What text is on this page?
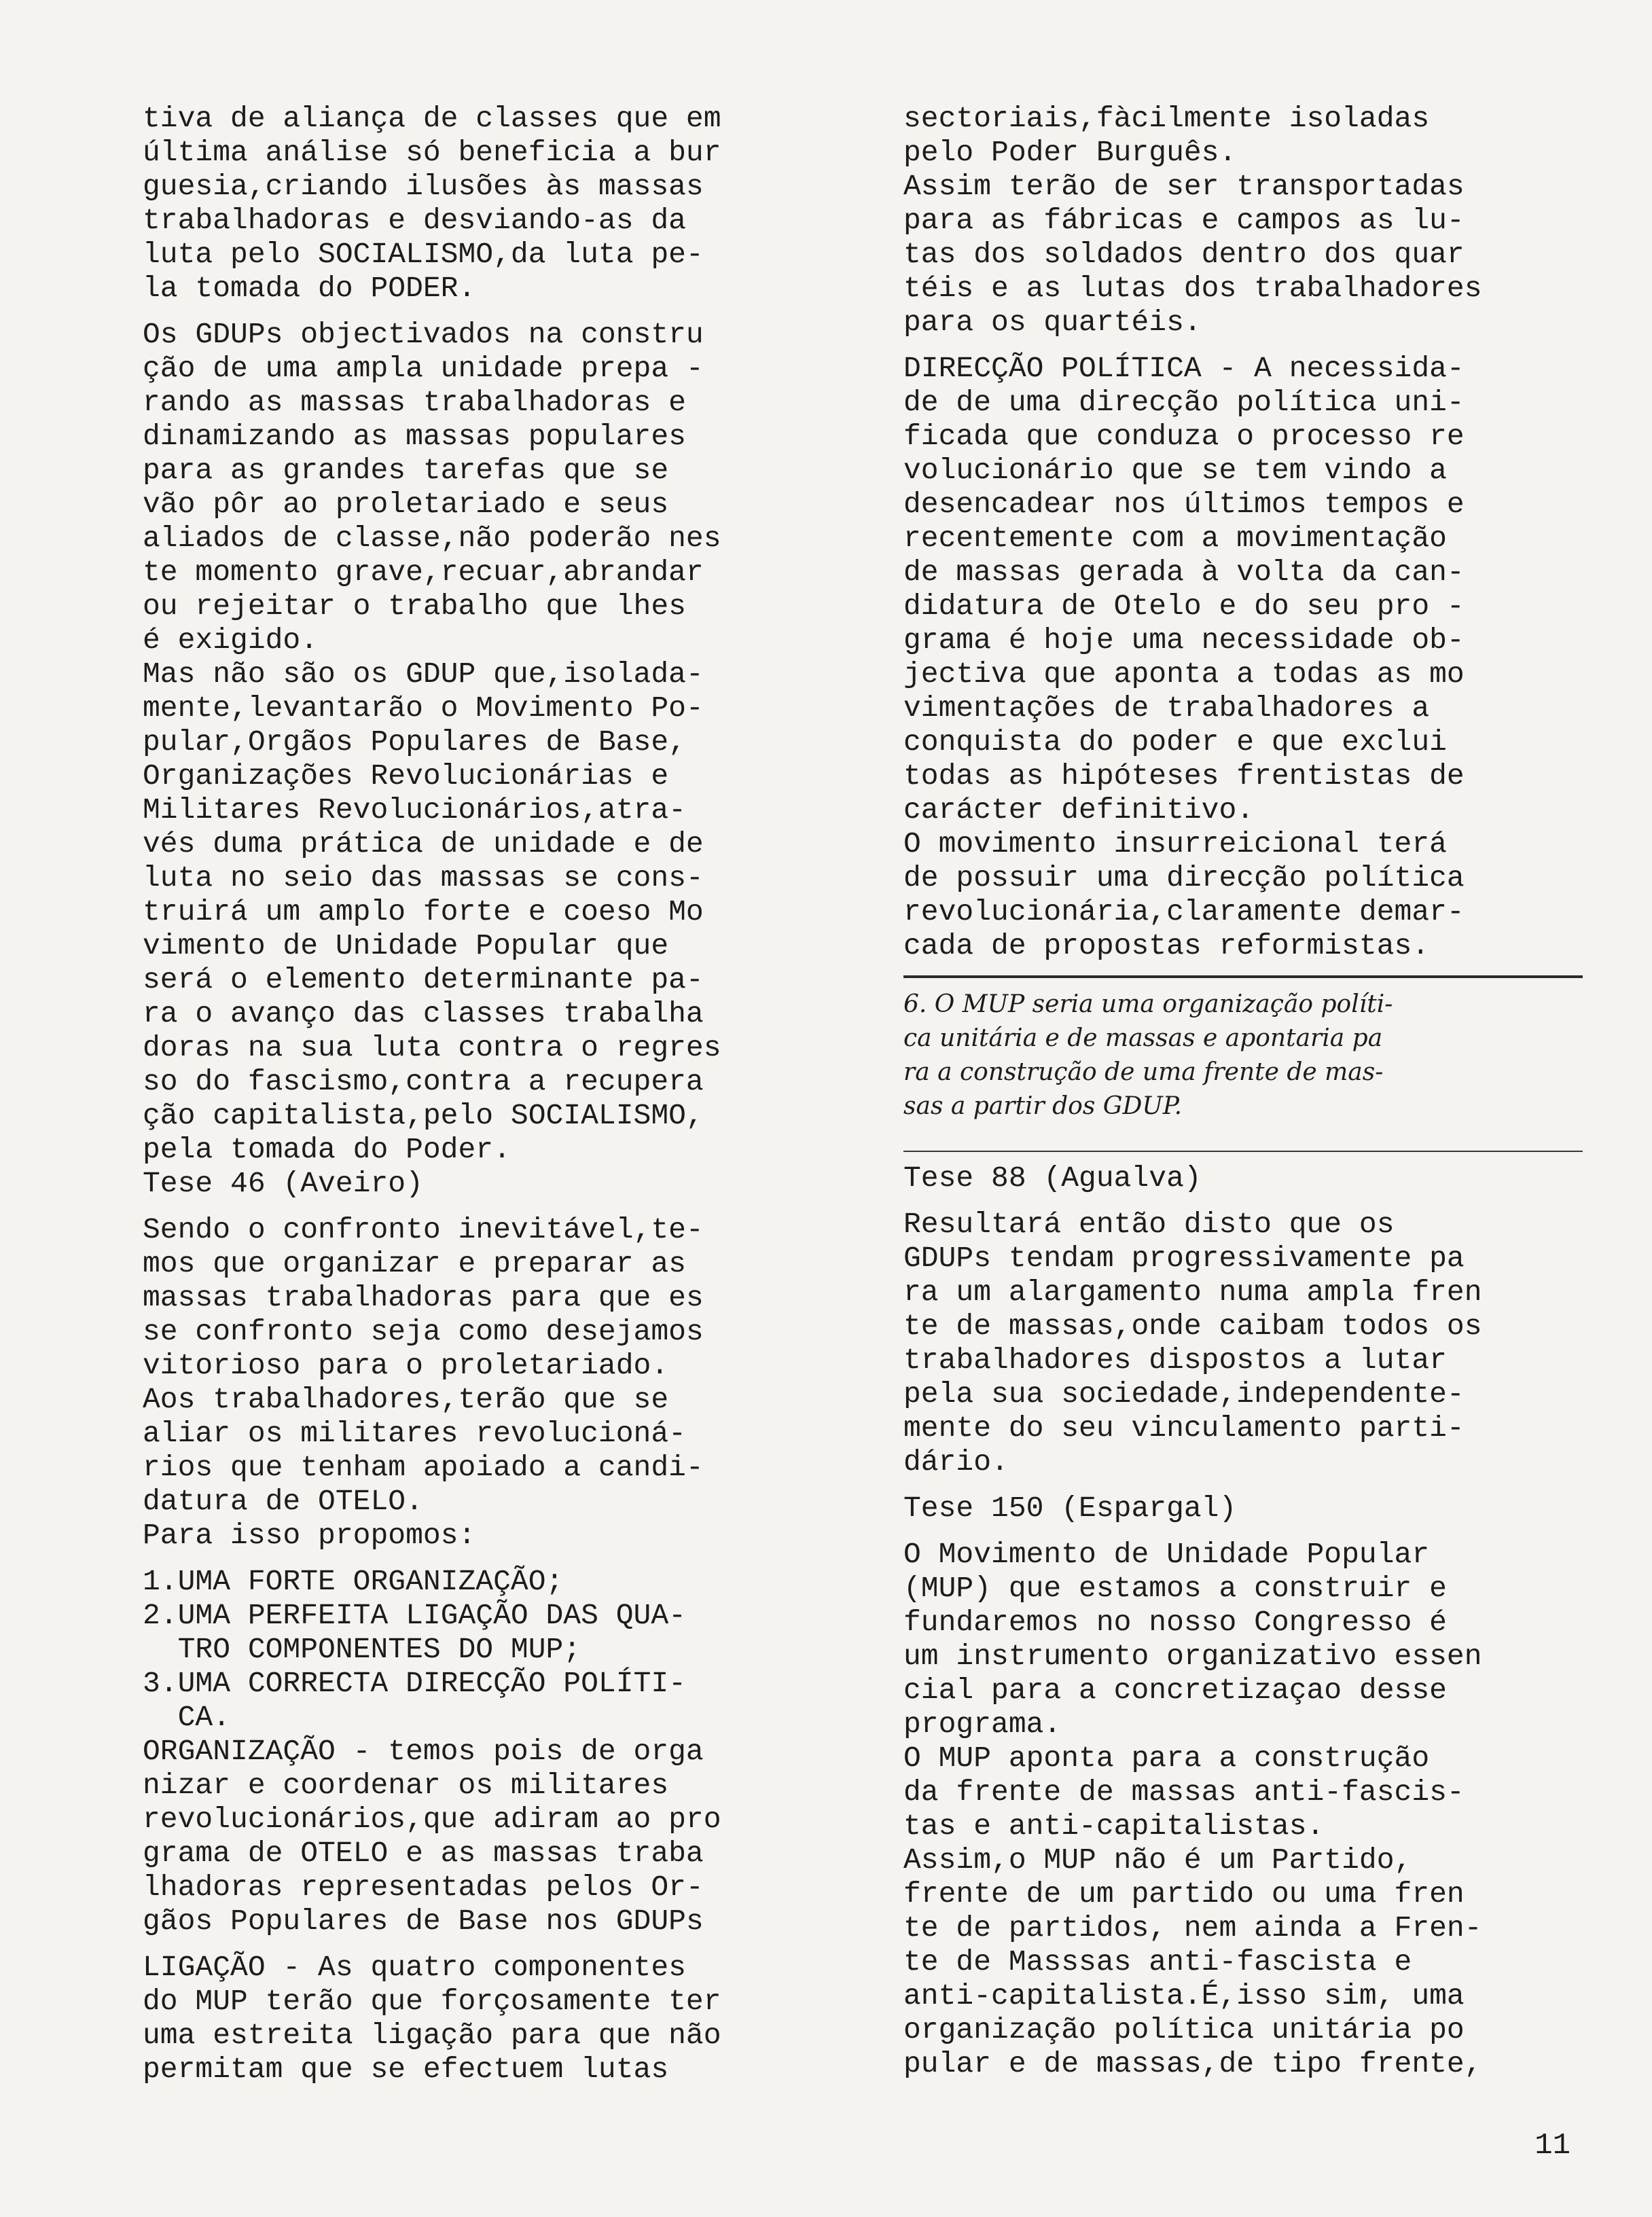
tiva de aliança de classes que em

última análise só beneficia a bur

guesia,criando ilusões às massas

trabalhadoras e desviando-as da

luta pelo SOCIALISMO,da luta pe-

la tomada do PODER.

Os GDUPs objectivados na constru

ção de uma ampla unidade prepa -

rando as massas trabalhadoras e

dinamizando as massas populares

para as grandes tarefas que se

vão pôr ao proletariado e seus

aliados de classe,não poderão nes

te momento grave,recuar,abrandar

ou rejeitar o trabalho que lhes

é exigido.

Mas não são os GDUP que,isolada-

mente,levantarão o Movimento Po-

pular,Orgãos Populares de Base,

Organizações Revolucionárias e

Militares Revolucionários,atra-

vés duma prática de unidade e de

luta no seio das massas se cons-

truirá um amplo forte e coeso Mo

vimento de Unidade Popular que

será o elemento determinante pa-

ra o avanço das classes trabalha

doras na sua luta contra o regres

so do fascismo,contra a recupera

ção capitalista,pelo SOCIALISMO,

pela tomada do Poder.

Tese 46 (Aveiro)

Sendo o confronto inevitável,te-

mos que organizar e preparar as

massas trabalhadoras para que es

se confronto seja como desejamos

vitorioso para o proletariado.

Aos trabalhadores,terão que se

aliar os militares revolucioná-

rios que tenham apoiado a candi-

datura de OTELO.

Para isso propomos:

1.UMA FORTE ORGANIZAÇÃO;

2.UMA PERFEITA LIGAÇÃO DAS QUA-

TRO COMPONENTES DO MUP;

3.UMA CORRECTA DIRECÇÃO POLÍTI-

CA.

ORGANIZAÇÃO - temos pois de orga

nizar e coordenar os militares

revolucionários,que adiram ao pro

grama de OTELO e as massas traba

lhadoras representadas pelos Or-

gãos Populares de Base nos GDUPs

LIGAÇÃO - As quatro componentes

do MUP terão que forçosamente ter

uma estreita ligação para que não

permitam que se efectuem lutas

sectoriais,fàcilmente isoladas

pelo Poder Burguês.

Assim terão de ser transportadas

para as fábricas e campos as lu-

tas dos soldados dentro dos quar

téis e as lutas dos trabalhadores

para os quartéis.

DIRECÇÃO POLÍTICA - A necessida-

de de uma direcção política uni-

ficada que conduza o processo re

volucionário que se tem vindo a

desencadear nos últimos tempos e

recentemente com a movimentação

de massas gerada à volta da can-

didatura de Otelo e do seu pro -

grama é hoje uma necessidade ob-

jectiva que aponta a todas as mo

vimentações de trabalhadores a

conquista do poder e que exclui

todas as hipóteses frentistas de

carácter definitivo.

O movimento insurreicional terá

de possuir uma direcção política

revolucionária,claramente demar-

cada de propostas reformistas.

6. O MUP seria uma organização políti-

ca unitária e de massas e apontaria pa

ra a construção de uma frente de mas-

sas a partir dos GDUP.

Tese 88 (Agualva)

Resultará então disto que os

GDUPs tendam progressivamente pa

ra um alargamento numa ampla fren

te de massas,onde caibam todos os

trabalhadores dispostos a lutar

pela sua sociedade,independente-

mente do seu vinculamento parti-

dário.

Tese 150 (Espargal)

O Movimento de Unidade Popular

(MUP) que estamos a construir e

fundaremos no nosso Congresso é

um instrumento organizativo essen

cial para a concretizaçao desse

programa.

O MUP aponta para a construção

da frente de massas anti-fascis-

tas e anti-capitalistas.

Assim,o MUP não é um Partido,

frente de um partido ou uma fren

te de partidos, nem ainda a Fren-

te de Masssas anti-fascista e

anti-capitalista.É,isso sim, uma

organização política unitária po

pular e de massas,de tipo frente,

11
